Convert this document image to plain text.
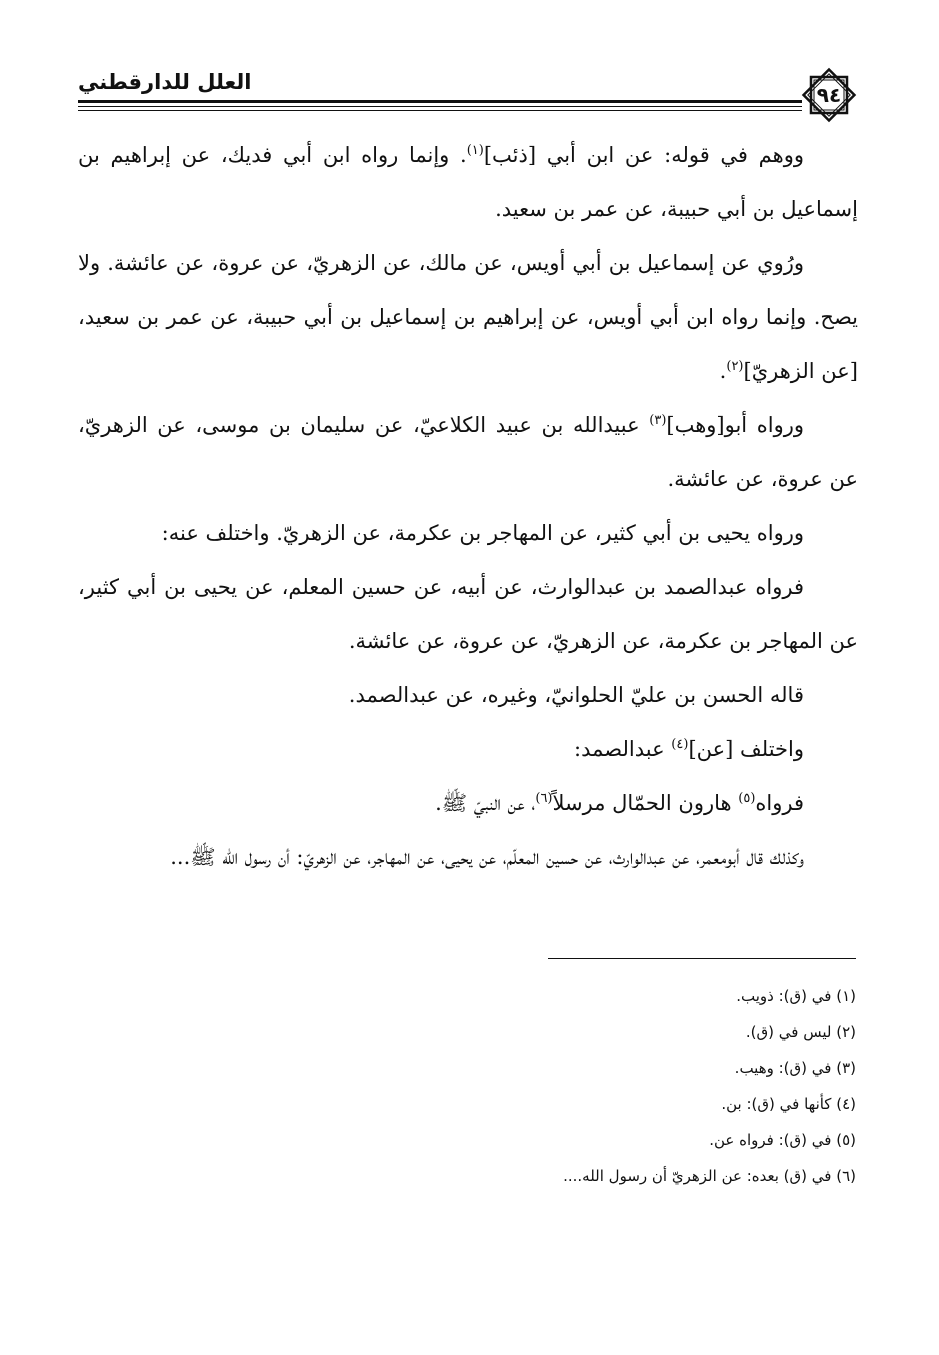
العلل للدارقطني
٩٤

ووهم في قوله: عن ابن أبي [ذئب]$^{(١)}$. وإنما رواه ابن أبي فديك، عن إبراهيم بن إسماعيل بن أبي حبيبة، عن عمر بن سعيد.

ورُوي عن إسماعيل بن أبي أويس، عن مالك، عن الزهريّ، عن عروة، عن عائشة. ولا يصح. وإنما رواه ابن أبي أويس، عن إبراهيم بن إسماعيل بن أبي حبيبة، عن عمر بن سعيد، [عن الزهريّ]$^{(٢)}$.

ورواه أبو[وهب]$^{(٣)}$ عبيدالله بن عبيد الكلاعيّ، عن سليمان بن موسى، عن الزهريّ، عن عروة، عن عائشة.

ورواه يحيى بن أبي كثير، عن المهاجر بن عكرمة، عن الزهريّ. واختلف عنه:

فرواه عبدالصمد بن عبدالوارث، عن أبيه، عن حسين المعلم، عن يحيى بن أبي كثير، عن المهاجر بن عكرمة، عن الزهريّ، عن عروة، عن عائشة.

قاله الحسن بن عليّ الحلوانيّ، وغيره، عن عبدالصمد.

واختلف [عن]$^{(٤)}$ عبدالصمد:

فرواه$^{(٥)}$ هارون الحمّال مرسلاً$^{(٦)}$، عن النبيّ ﷺ.

وكذلك قال أبومعمر، عن عبدالوارث، عن حسين المعلّم، عن يحيى، عن المهاجر، عن الزهريّ: أن رسول الله ﷺ...

(١) في (ق): ذويب.
(٢) ليس في (ق).
(٣) في (ق): وهيب.
(٤) كأنها في (ق): بن.
(٥) في (ق): فرواه عن.
(٦) في (ق) بعده: عن الزهريّ أن رسول الله....
